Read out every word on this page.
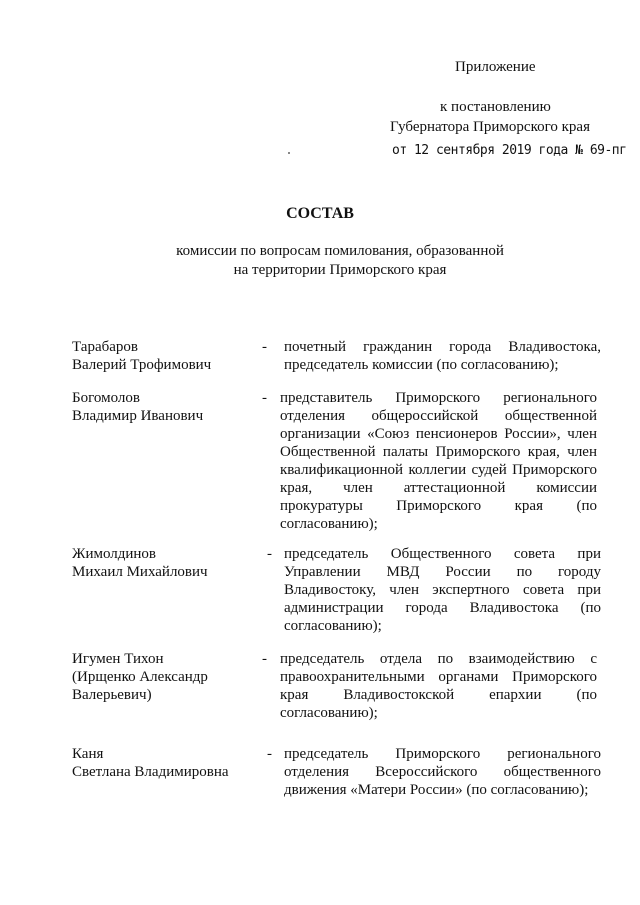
Приложение
к постановлению
Губернатора Приморского края
от 12 сентября 2019 года № 69-пг
СОСТАВ
комиссии по вопросам помилования, образованной
на территории Приморского края
Тарабаров
Валерий Трофимович
-	почетный гражданин города Владивостока, председатель комиссии (по согласованию);
Богомолов
Владимир Иванович
- представитель Приморского регионального отделения общероссийской общественной организации «Союз пенсионеров России», член Общественной палаты Приморского края, член квалификационной коллегии судей Приморского края, член аттестационной комиссии прокуратуры Приморского края (по согласованию);
Жимолдинов
Михаил Михайлович
- председатель Общественного совета при Управлении МВД России по городу Владивостоку, член экспертного совета при администрации города Владивостока (по согласованию);
Игумен Тихон
(Ирщенко Александр
Валерьевич)
- председатель отдела по взаимодействию с правоохранительными органами Приморского края Владивостокской епархии (по согласованию);
Каня
Светлана Владимировна
- председатель Приморского регионального отделения Всероссийского общественного движения «Матери России» (по согласованию);
